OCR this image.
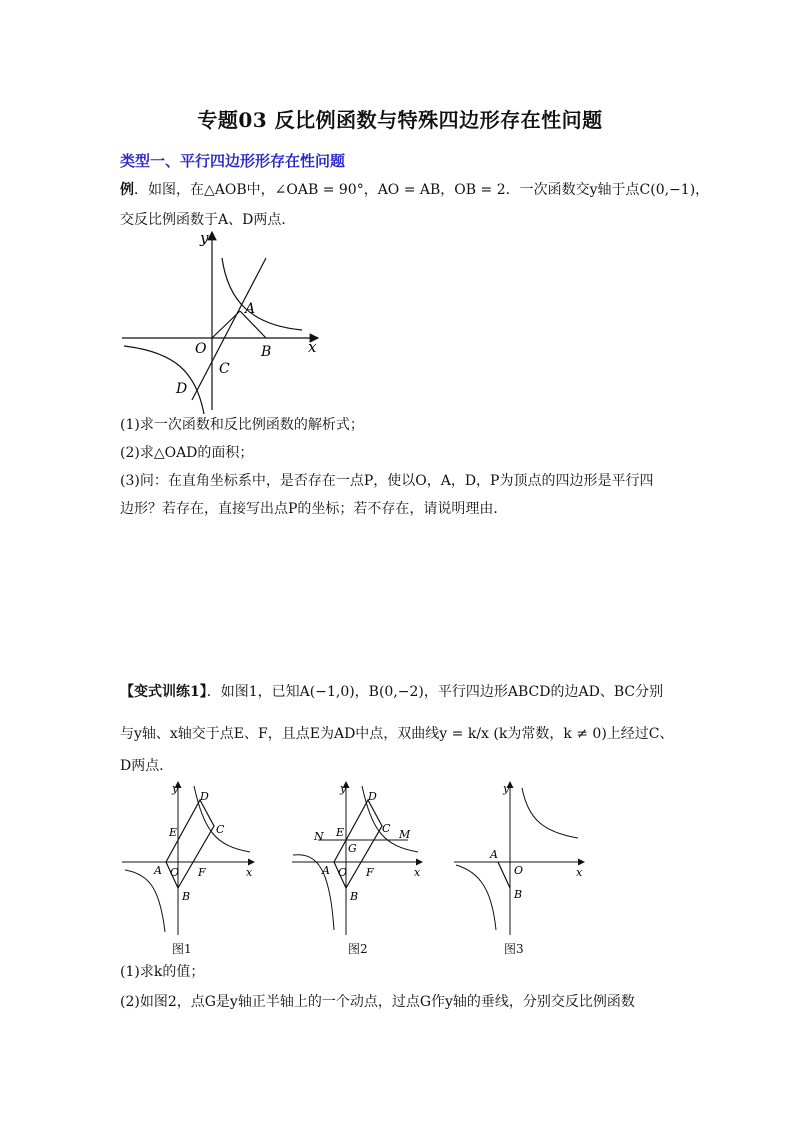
专题03 反比例函数与特殊四边形存在性问题
类型一、平行四边形形存在性问题
例．如图，在△AOB中，∠OAB = 90°，AO = AB，OB = 2．一次函数交y轴于点C(0,−1)，
交反比例函数于A、D两点．
y
x
O
A
B
C
D
(1)求一次函数和反比例函数的解析式；
(2)求△OAD的面积；
(3)问：在直角坐标系中，是否存在一点P，使以O，A，D，P为顶点的四边形是平行四
边形？若存在，直接写出点P的坐标；若不存在，请说明理由．
【变式训练1】．如图1，已知A(−1,0)，B(0,−2)，平行四边形ABCD的边AD、BC分别
与y轴、x轴交于点E、F，且点E为AD中点，双曲线y = k/x (k为常数，k ≠ 0)上经过C、
D两点．
y
x
D
E	C
A O F
B
图1
y
x
D
N E	C M
G
A O F
B
图2
y
x
A
O
B
图3
(1)求k的值；
(2)如图2，点G是y轴正半轴上的一个动点，过点G作y轴的垂线，分别交反比例函数
